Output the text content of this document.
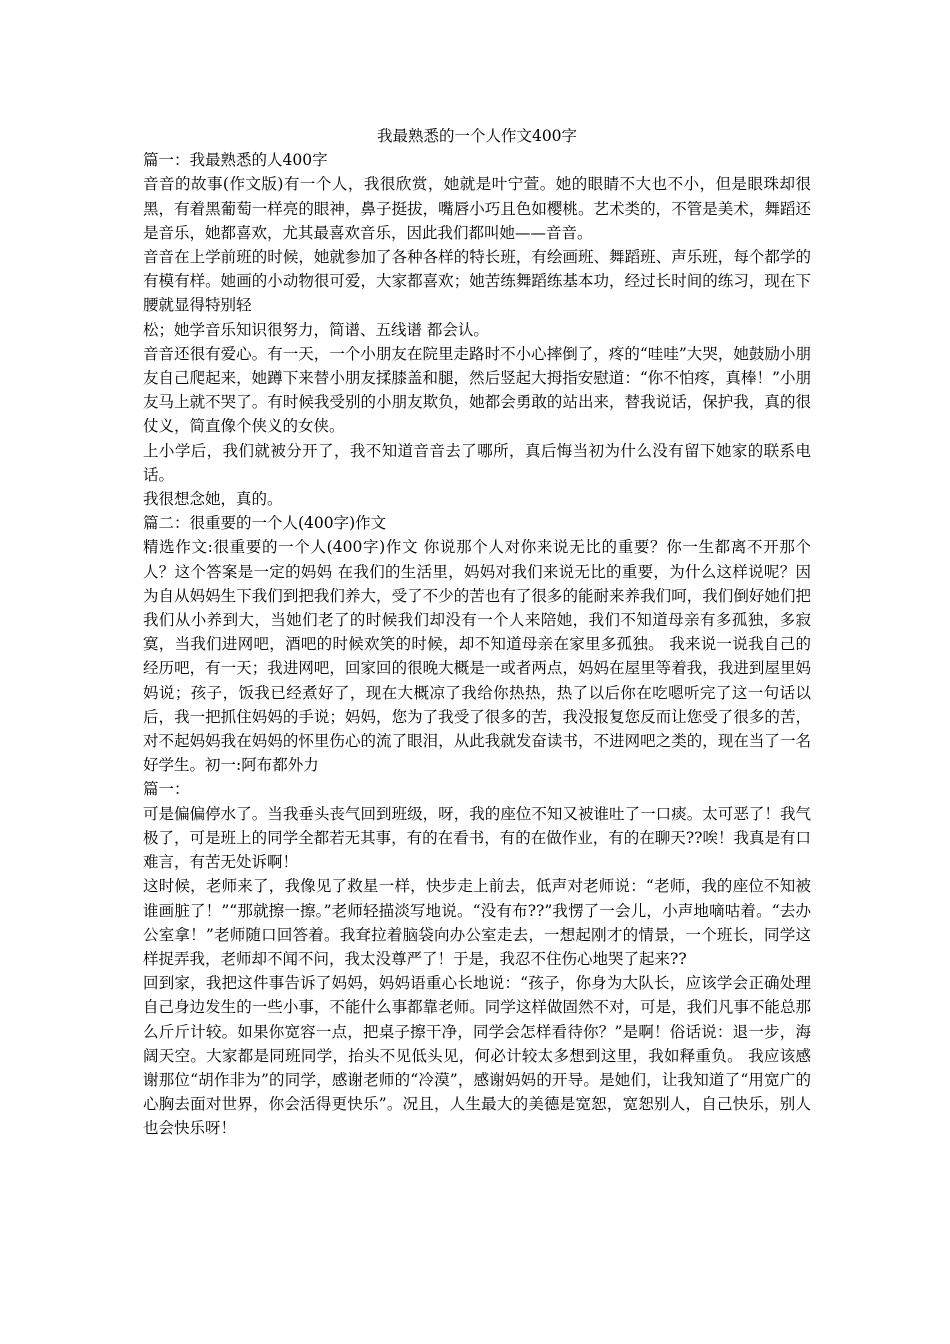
我最熟悉的一个人作文400字

篇一：我最熟悉的人400字

音音的故事(作文版)有一个人，我很欣赏，她就是叶宁萱。她的眼睛不大也不小，但是眼珠却很黑，有着黑葡萄一样亮的眼神，鼻子挺拔，嘴唇小巧且色如樱桃。艺术类的，不管是美术，舞蹈还是音乐，她都喜欢，尤其最喜欢音乐，因此我们都叫她——音音。

音音在上学前班的时候，她就参加了各种各样的特长班，有绘画班、舞蹈班、声乐班，每个都学的有模有样。她画的小动物很可爱，大家都喜欢；她苦练舞蹈练基本功，经过长时间的练习，现在下腰就显得特别轻

松；她学音乐知识很努力，简谱、五线谱 都会认。

音音还很有爱心。有一天，一个小朋友在院里走路时不小心摔倒了，疼的“哇哇”大哭，她鼓励小朋友自己爬起来，她蹲下来替小朋友揉膝盖和腿，然后竖起大拇指安慰道：“你不怕疼，真棒！”小朋友马上就不哭了。有时候我受别的小朋友欺负，她都会勇敢的站出来，替我说话，保护我，真的很仗义，简直像个侠义的女侠。

上小学后，我们就被分开了，我不知道音音去了哪所，真后悔当初为什么没有留下她家的联系电话。

我很想念她，真的。

篇二：很重要的一个人(400字)作文

精选作文:很重要的一个人(400字)作文 你说那个人对你来说无比的重要？你一生都离不开那个人？这个答案是一定的妈妈 在我们的生活里，妈妈对我们来说无比的重要，为什么这样说呢？因为自从妈妈生下我们到把我们养大，受了不少的苦也有了很多的能耐来养我们呵，我们倒好她们把我们从小养到大，当她们老了的时候我们却没有一个人来陪她，我们不知道母亲有多孤独，多寂寞，当我们进网吧，酒吧的时候欢笑的时候，却不知道母亲在家里多孤独。 我来说一说我自己的经历吧，有一天；我进网吧，回家回的很晚大概是一或者两点，妈妈在屋里等着我，我进到屋里妈妈说；孩子，饭我已经煮好了，现在大概凉了我给你热热，热了以后你在吃嗯听完了这一句话以后，我一把抓住妈妈的手说；妈妈，您为了我受了很多的苦，我没报复您反而让您受了很多的苦，对不起妈妈我在妈妈的怀里伤心的流了眼泪，从此我就发奋读书，不进网吧之类的，现在当了一名好学生。初一:阿布都外力

篇一：

可是偏偏停水了。当我垂头丧气回到班级，呀，我的座位不知又被谁吐了一口痰。太可恶了！我气极了，可是班上的同学全都若无其事，有的在看书，有的在做作业，有的在聊天??唉！我真是有口难言，有苦无处诉啊！

这时候，老师来了，我像见了救星一样，快步走上前去，低声对老师说：“老师，我的座位不知被谁画脏了！”“那就擦一擦。”老师轻描淡写地说。“没有布??”我愣了一会儿，小声地嘀咕着。“去办公室拿！”老师随口回答着。我耷拉着脑袋向办公室走去，一想起刚才的情景，一个班长，同学这样捉弄我，老师却不闻不问，我太没尊严了！于是，我忍不住伤心地哭了起来??

回到家，我把这件事告诉了妈妈，妈妈语重心长地说：“孩子，你身为大队长，应该学会正确处理自己身边发生的一些小事，不能什么事都靠老师。同学这样做固然不对，可是，我们凡事不能总那么斤斤计较。如果你宽容一点，把桌子擦干净，同学会怎样看待你？”是啊！俗话说：退一步，海阔天空。大家都是同班同学，抬头不见低头见，何必计较太多想到这里，我如释重负。 我应该感谢那位“胡作非为”的同学，感谢老师的“冷漠”，感谢妈妈的开导。是她们，让我知道了“用宽广的心胸去面对世界，你会活得更快乐”。况且，人生最大的美德是宽恕，宽恕别人，自己快乐，别人也会快乐呀！
